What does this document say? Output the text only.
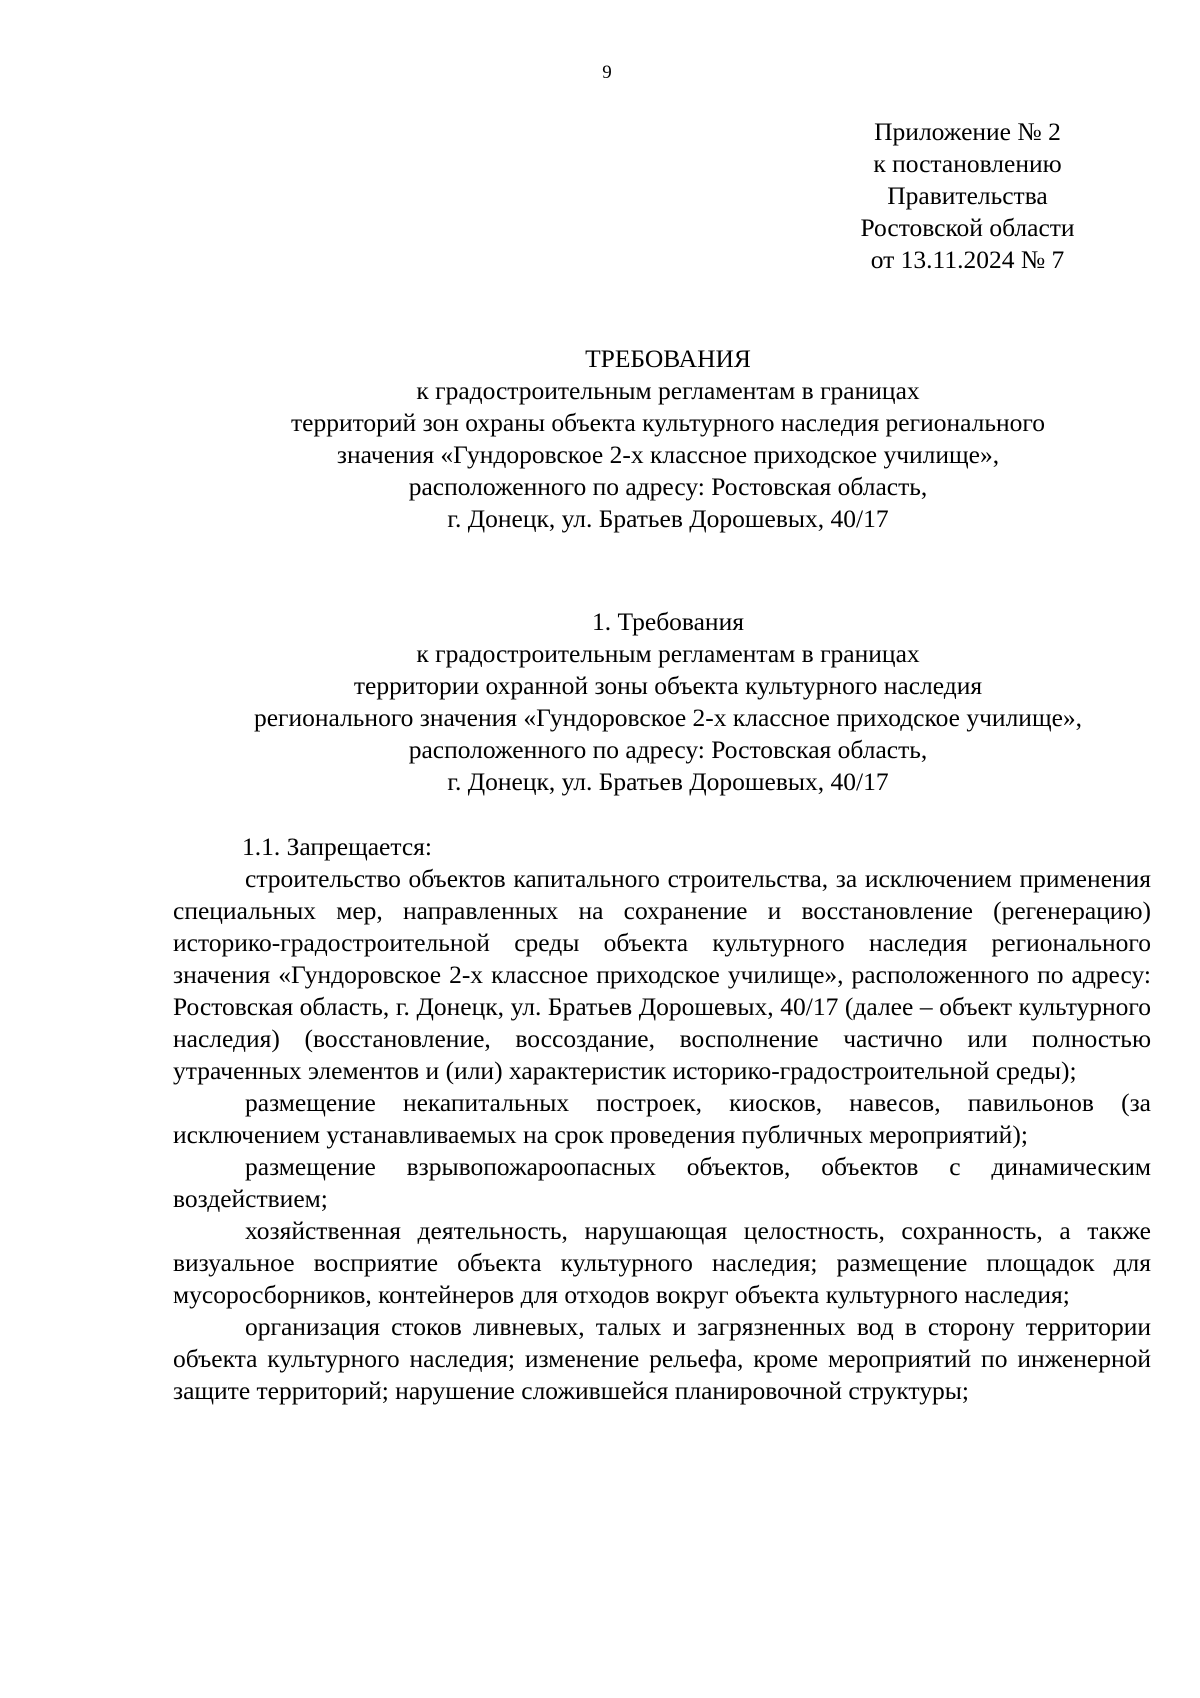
9
Приложение № 2
к постановлению
Правительства
Ростовской области
от 13.11.2024 № 7
ТРЕБОВАНИЯ
к градостроительным регламентам в границах
территорий зон охраны объекта культурного наследия регионального
значения «Гундоровское 2-х классное приходское училище»,
расположенного по адресу: Ростовская область,
г. Донецк, ул. Братьев Дорошевых, 40/17
1. Требования
к градостроительным регламентам в границах
территории охранной зоны объекта культурного наследия
регионального значения «Гундоровское 2-х классное приходское училище»,
расположенного по адресу: Ростовская область,
г. Донецк, ул. Братьев Дорошевых, 40/17

1.1. Запрещается:

строительство объектов капитального строительства, за исключением применения специальных мер, направленных на сохранение и восстановление (регенерацию) историко-градостроительной среды объекта культурного наследия регионального значения «Гундоровское 2-х классное приходское училище», расположенного по адресу: Ростовская область, г. Донецк, ул. Братьев Дорошевых, 40/17 (далее – объект культурного наследия) (восстановление, воссоздание, восполнение частично или полностью утраченных элементов и (или) характеристик историко-градостроительной среды);

размещение некапитальных построек, киосков, навесов, павильонов (за исключением устанавливаемых на срок проведения публичных мероприятий);

размещение взрывопожароопасных объектов, объектов с динамическим воздействием;

хозяйственная деятельность, нарушающая целостность, сохранность, а также визуальное восприятие объекта культурного наследия; размещение площадок для мусоросборников, контейнеров для отходов вокруг объекта культурного наследия;

организация стоков ливневых, талых и загрязненных вод в сторону территории объекта культурного наследия; изменение рельефа, кроме мероприятий по инженерной защите территорий; нарушение сложившейся планировочной структуры;
